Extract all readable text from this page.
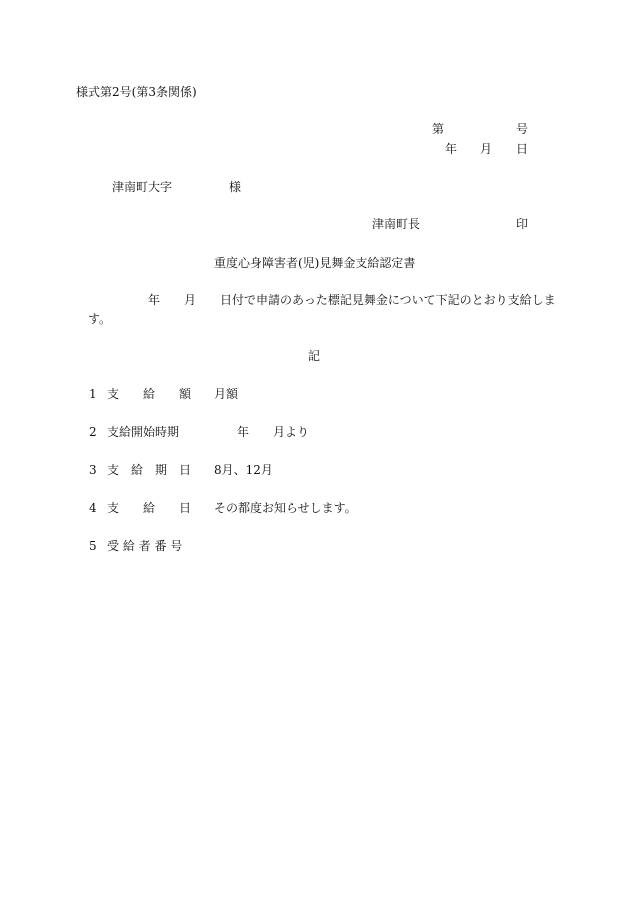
様式第2号(第3条関係)
第	号
年 月 日
津南町大字	様
津南町長	印
重度心身障害者(児)見舞金支給認定書
年 月 日付で申請のあった標記見舞金について下記のとおり支給しま
す。
記
1 支　　給　　額 月額
2 支給開始時期	年 月より
3 支　給　期　日 8月、12月
4 支　　給　　日 その都度お知らせします。
5 受 給 者 番 号
